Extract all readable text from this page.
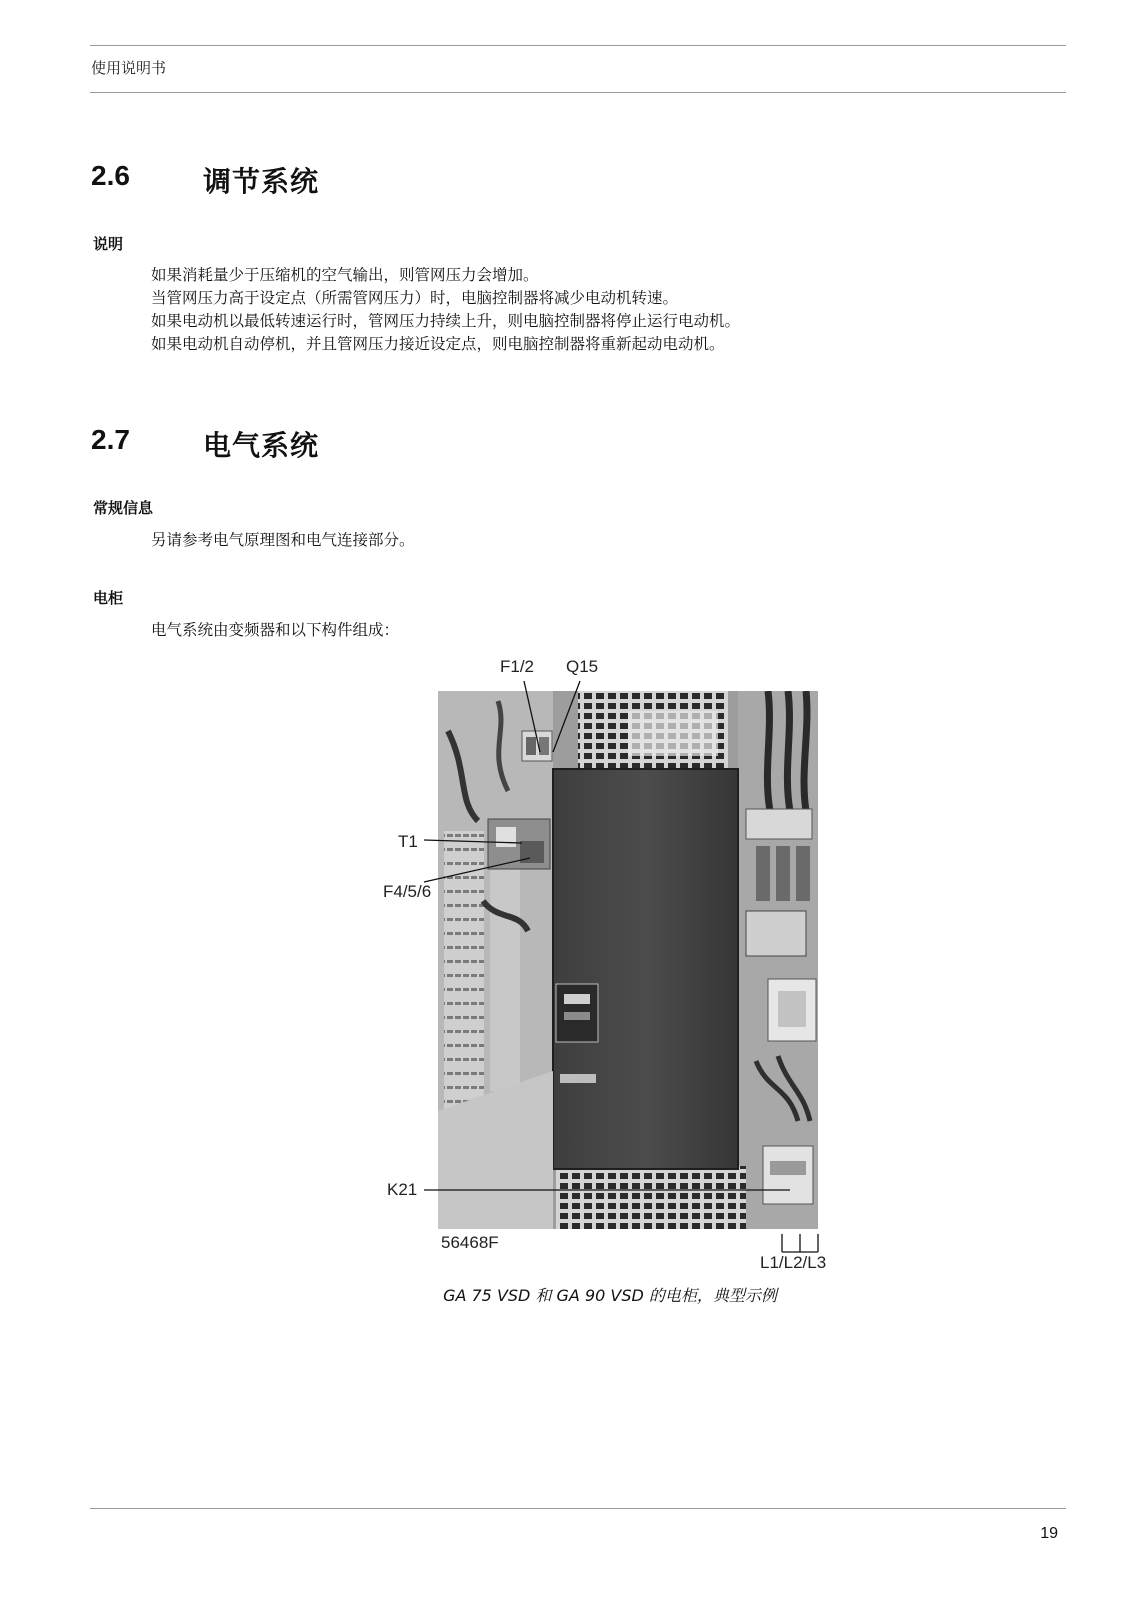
使用说明书
2.6	调节系统
说明
如果消耗量少于压缩机的空气输出，则管网压力会增加。
当管网压力高于设定点（所需管网压力）时，电脑控制器将减少电动机转速。
如果电动机以最低转速运行时，管网压力持续上升，则电脑控制器将停止运行电动机。
如果电动机自动停机，并且管网压力接近设定点，则电脑控制器将重新起动电动机。
2.7	电气系统
常规信息
另请参考电气原理图和电气连接部分。
电柜
电气系统由变频器和以下构件组成：
F1/2 Q15
T1
F4/5/6
K21
56468F
L1/L2/L3
GA 75 VSD 和 GA 90 VSD 的电柜，典型示例
19
